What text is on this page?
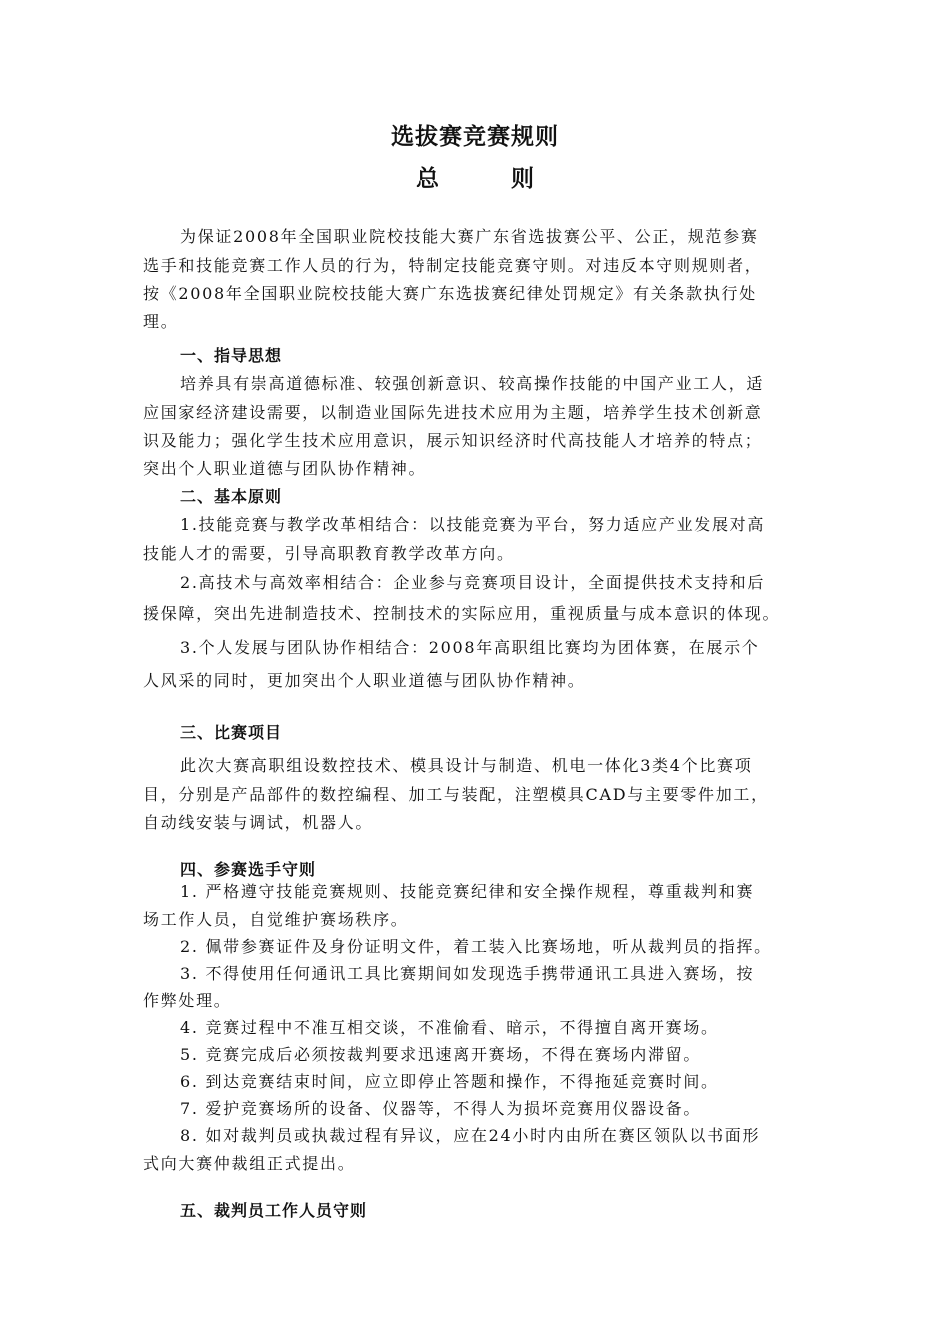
选拔赛竞赛规则
总 则
为保证2008年全国职业院校技能大赛广东省选拔赛公平、公正，规范参赛
选手和技能竞赛工作人员的行为，特制定技能竞赛守则。对违反本守则规则者，
按《2008年全国职业院校技能大赛广东选拔赛纪律处罚规定》有关条款执行处
理。
一、指导思想
培养具有崇高道德标准、较强创新意识、较高操作技能的中国产业工人，适
应国家经济建设需要，以制造业国际先进技术应用为主题，培养学生技术创新意
识及能力；强化学生技术应用意识，展示知识经济时代高技能人才培养的特点；
突出个人职业道德与团队协作精神。
二、基本原则
1.技能竞赛与教学改革相结合：以技能竞赛为平台，努力适应产业发展对高
技能人才的需要，引导高职教育教学改革方向。
2.高技术与高效率相结合：企业参与竞赛项目设计，全面提供技术支持和后
援保障，突出先进制造技术、控制技术的实际应用，重视质量与成本意识的体现。
3.个人发展与团队协作相结合：2008年高职组比赛均为团体赛，在展示个
人风采的同时，更加突出个人职业道德与团队协作精神。
三、比赛项目
此次大赛高职组设数控技术、模具设计与制造、机电一体化3类4个比赛项
目，分别是产品部件的数控编程、加工与装配，注塑模具CAD与主要零件加工，
自动线安装与调试，机器人。
四、参赛选手守则
1. 严格遵守技能竞赛规则、技能竞赛纪律和安全操作规程，尊重裁判和赛
场工作人员，自觉维护赛场秩序。
2. 佩带参赛证件及身份证明文件，着工装入比赛场地，听从裁判员的指挥。
3. 不得使用任何通讯工具比赛期间如发现选手携带通讯工具进入赛场，按
作弊处理。
4. 竞赛过程中不准互相交谈，不准偷看、暗示，不得擅自离开赛场。
5. 竞赛完成后必须按裁判要求迅速离开赛场，不得在赛场内滞留。
6. 到达竞赛结束时间，应立即停止答题和操作，不得拖延竞赛时间。
7. 爱护竞赛场所的设备、仪器等，不得人为损坏竞赛用仪器设备。
8. 如对裁判员或执裁过程有异议，应在24小时内由所在赛区领队以书面形
式向大赛仲裁组正式提出。
五、裁判员工作人员守则
